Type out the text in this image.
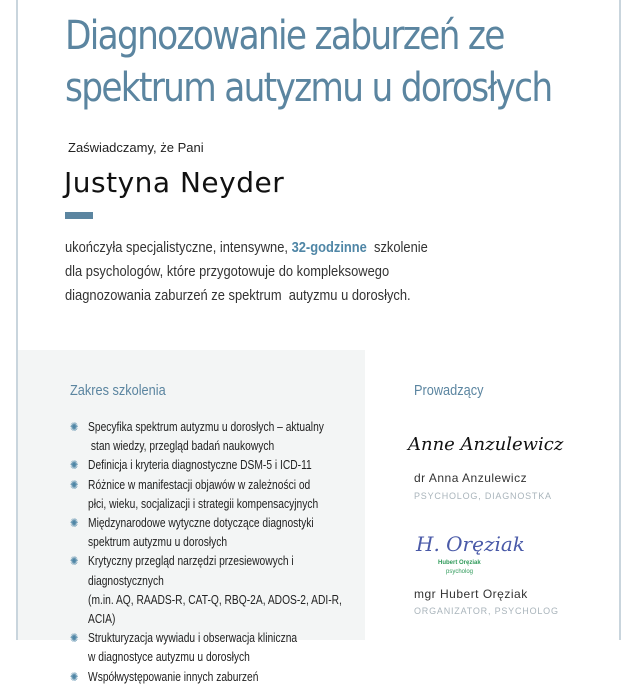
Diagnozowanie zaburzeń ze
spektrum autyzmu u dorosłych
Zaświadczamy, że Pani
Justyna Neyder
ukończyła specjalistyczne, intensywne, 32-godzinne  szkolenie
dla psychologów, które przygotowuje do kompleksowego
diagnozowania zaburzeń ze spektrum  autyzmu u dorosłych.
Zakres szkolenia
✺ Specyfika spektrum autyzmu u dorosłych – aktualny
stan wiedzy, przegląd badań naukowych
✺ Definicja i kryteria diagnostyczne DSM-5 i ICD-11
✺ Różnice w manifestacji objawów w zależności od
płci, wieku, socjalizacji i strategii kompensacyjnych
✺ Międzynarodowe wytyczne dotyczące diagnostyki
spektrum autyzmu u dorosłych
✺ Krytyczny przegląd narzędzi przesiewowych i diagnostycznych
(m.in. AQ, RAADS-R, CAT-Q, RBQ-2A, ADOS-2, ADI-R, ACIA)
✺ Strukturyzacja wywiadu i obserwacja kliniczna
w diagnostyce autyzmu u dorosłych
✺ Współwystępowanie innych zaburzeń
Prowadzący
Anne Anzulewicz
dr Anna Anzulewicz
PSYCHOLOG, DIAGNOSTKA
H. Oręziak
Hubert Oręziak
psycholog
mgr Hubert Oręziak
ORGANIZATOR, PSYCHOLOG
